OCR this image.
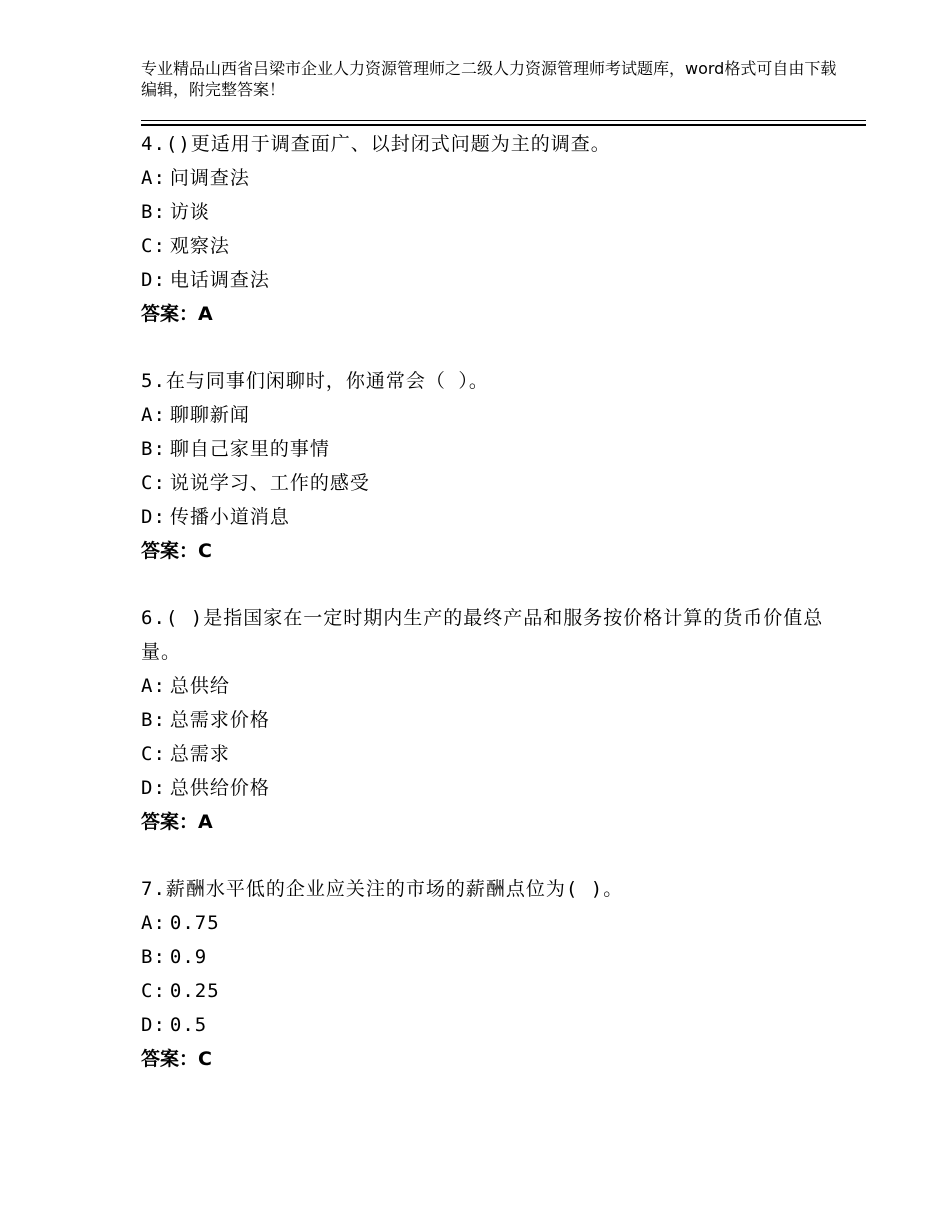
专业精品山西省吕梁市企业人力资源管理师之二级人力资源管理师考试题库，word格式可自由下载编辑，附完整答案！
4.()更适用于调查面广、以封闭式问题为主的调查。
A: 问调查法
B: 访谈
C: 观察法
D: 电话调查法
答案：A
5.在与同事们闲聊时，你通常会（ ）。
A: 聊聊新闻
B: 聊自己家里的事情
C: 说说学习、工作的感受
D: 传播小道消息
答案：C
6.( )是指国家在一定时期内生产的最终产品和服务按价格计算的货币价值总量。
A: 总供给
B: 总需求价格
C: 总需求
D: 总供给价格
答案：A
7.薪酬水平低的企业应关注的市场的薪酬点位为( )。
A: 0.75
B: 0.9
C: 0.25
D: 0.5
答案：C
